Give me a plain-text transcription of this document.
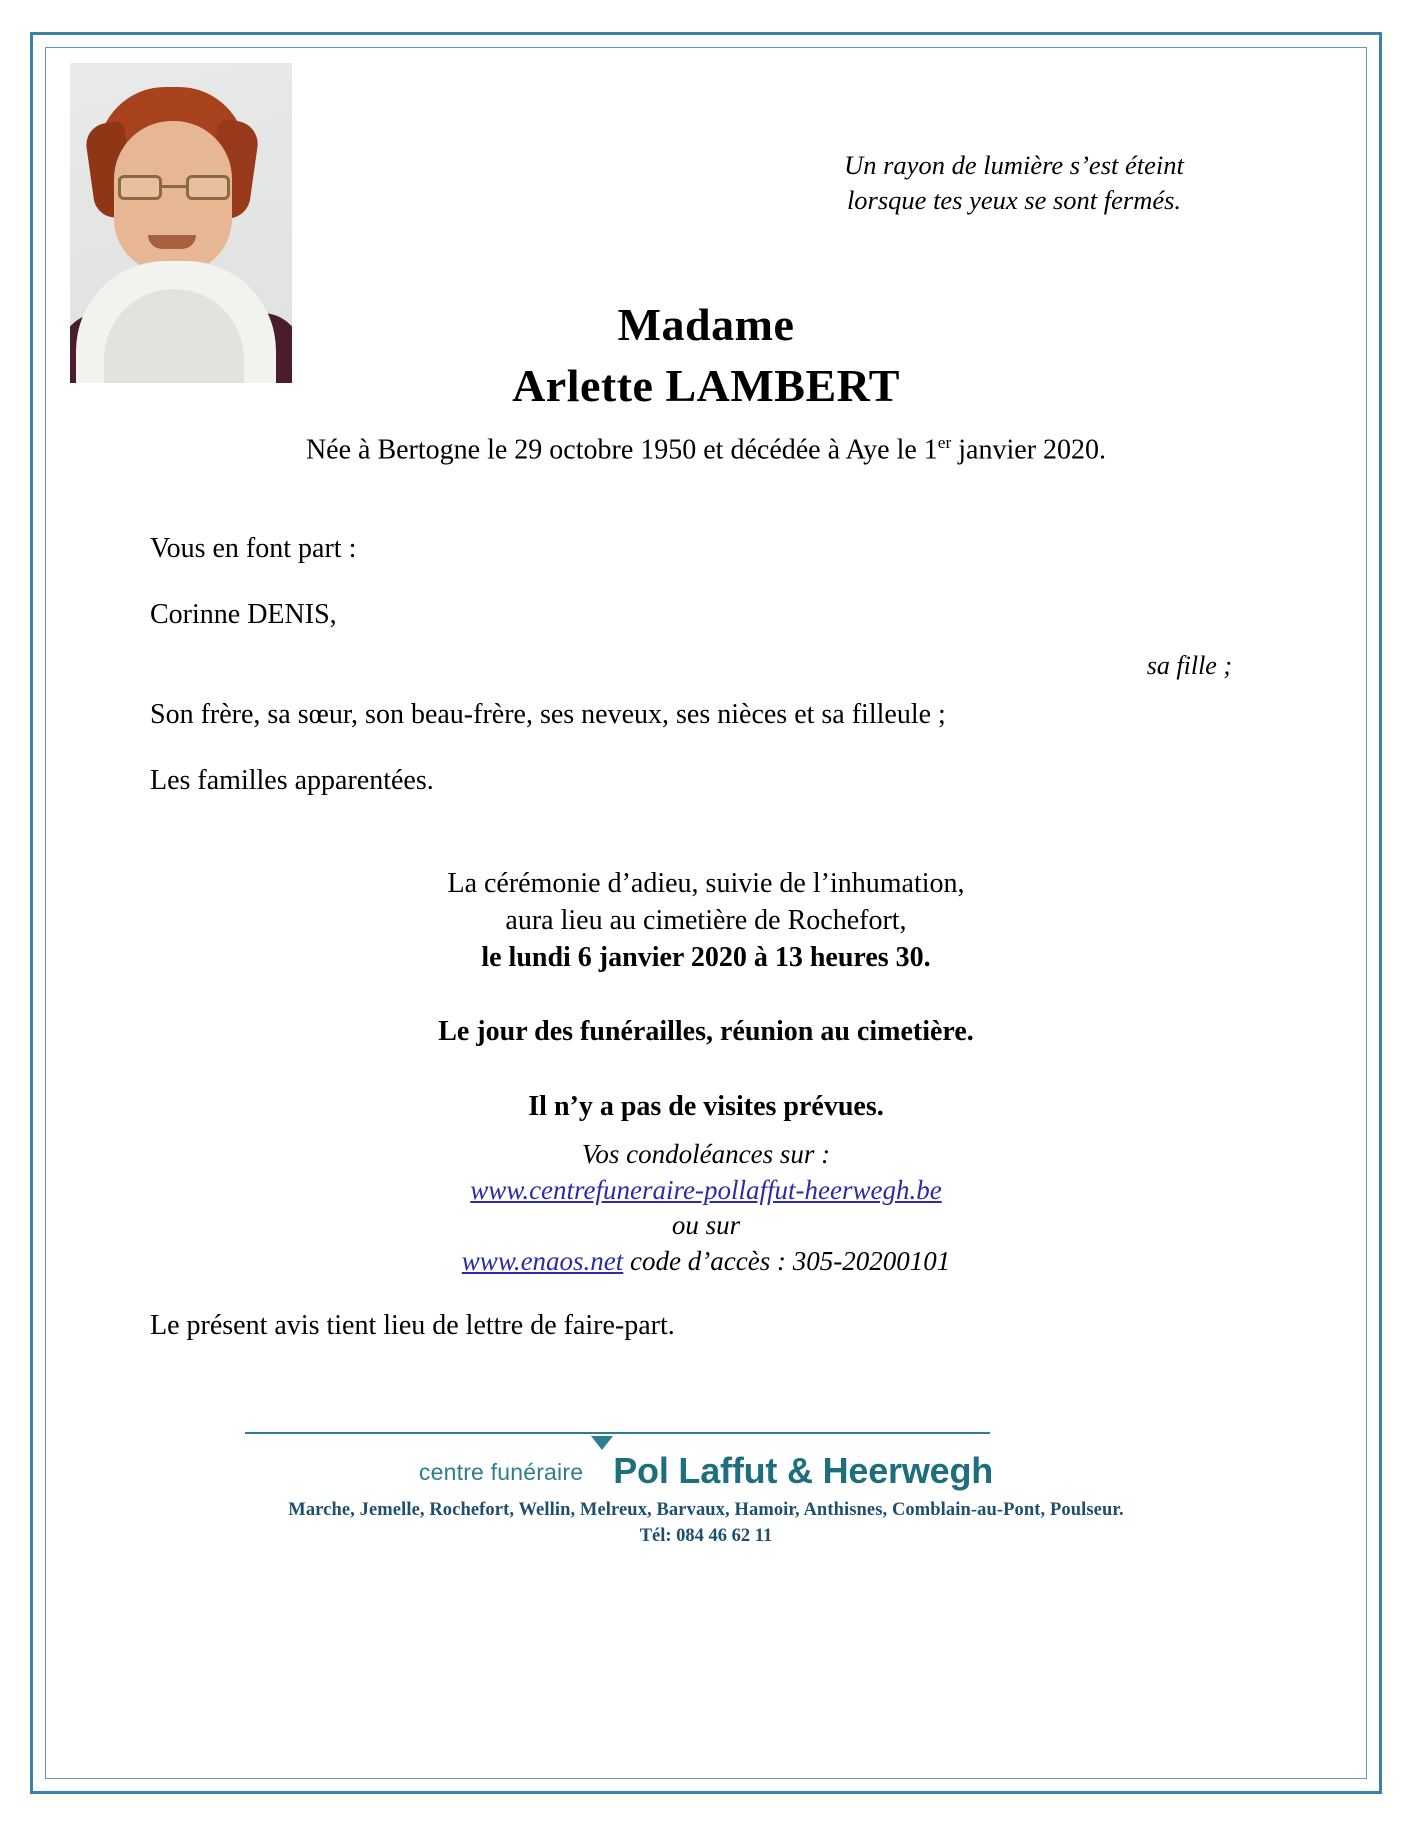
Un rayon de lumière s’est éteint
lorsque tes yeux se sont fermés.
Madame
Arlette LAMBERT
Née à Bertogne le 29 octobre 1950 et décédée à Aye le 1er janvier 2020.

Vous en font part :

Corinne DENIS,

sa fille ;

Son frère, sa sœur, son beau-frère, ses neveux, ses nièces et sa filleule ;

Les familles apparentées.

La cérémonie d’adieu, suivie de l’inhumation,
aura lieu au cimetière de Rochefort,
le lundi 6 janvier 2020 à 13 heures 30.
Le jour des funérailles, réunion au cimetière.
Il n’y a pas de visites prévues.
Vos condoléances sur :
www.centrefuneraire-pollaffut-heerwegh.be
ou sur
www.enaos.net code d’accès : 305-20200101
Le présent avis tient lieu de lettre de faire-part.
centre funéraire Pol Laffut & Heerwegh
Marche, Jemelle, Rochefort, Wellin, Melreux, Barvaux, Hamoir, Anthisnes, Comblain-au-Pont, Poulseur.
Tél: 084 46 62 11
